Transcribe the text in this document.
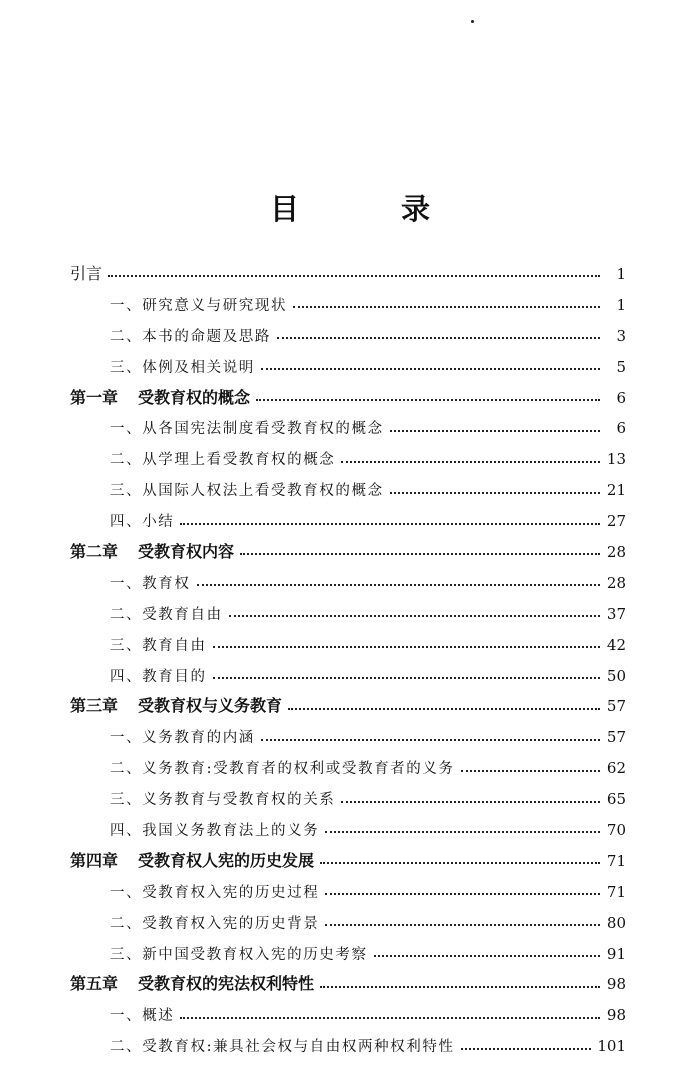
目 录
引言	1
一、研究意义与研究现状	1
二、本书的命题及思路	3
三、体例及相关说明	5
第一章 受教育权的概念	6
一、从各国宪法制度看受教育权的概念	6
二、从学理上看受教育权的概念	13
三、从国际人权法上看受教育权的概念	21
四、小结	27
第二章 受教育权内容	28
一、教育权	28
二、受教育自由	37
三、教育自由	42
四、教育目的	50
第三章 受教育权与义务教育	57
一、义务教育的内涵	57
二、义务教育:受教育者的权利或受教育者的义务	62
三、义务教育与受教育权的关系	65
四、我国义务教育法上的义务	70
第四章 受教育权人宪的历史发展	71
一、受教育权入宪的历史过程	71
二、受教育权入宪的历史背景	80
三、新中国受教育权入宪的历史考察	91
第五章 受教育权的宪法权利特性	98
一、概述	98
二、受教育权:兼具社会权与自由权两种权利特性	101
